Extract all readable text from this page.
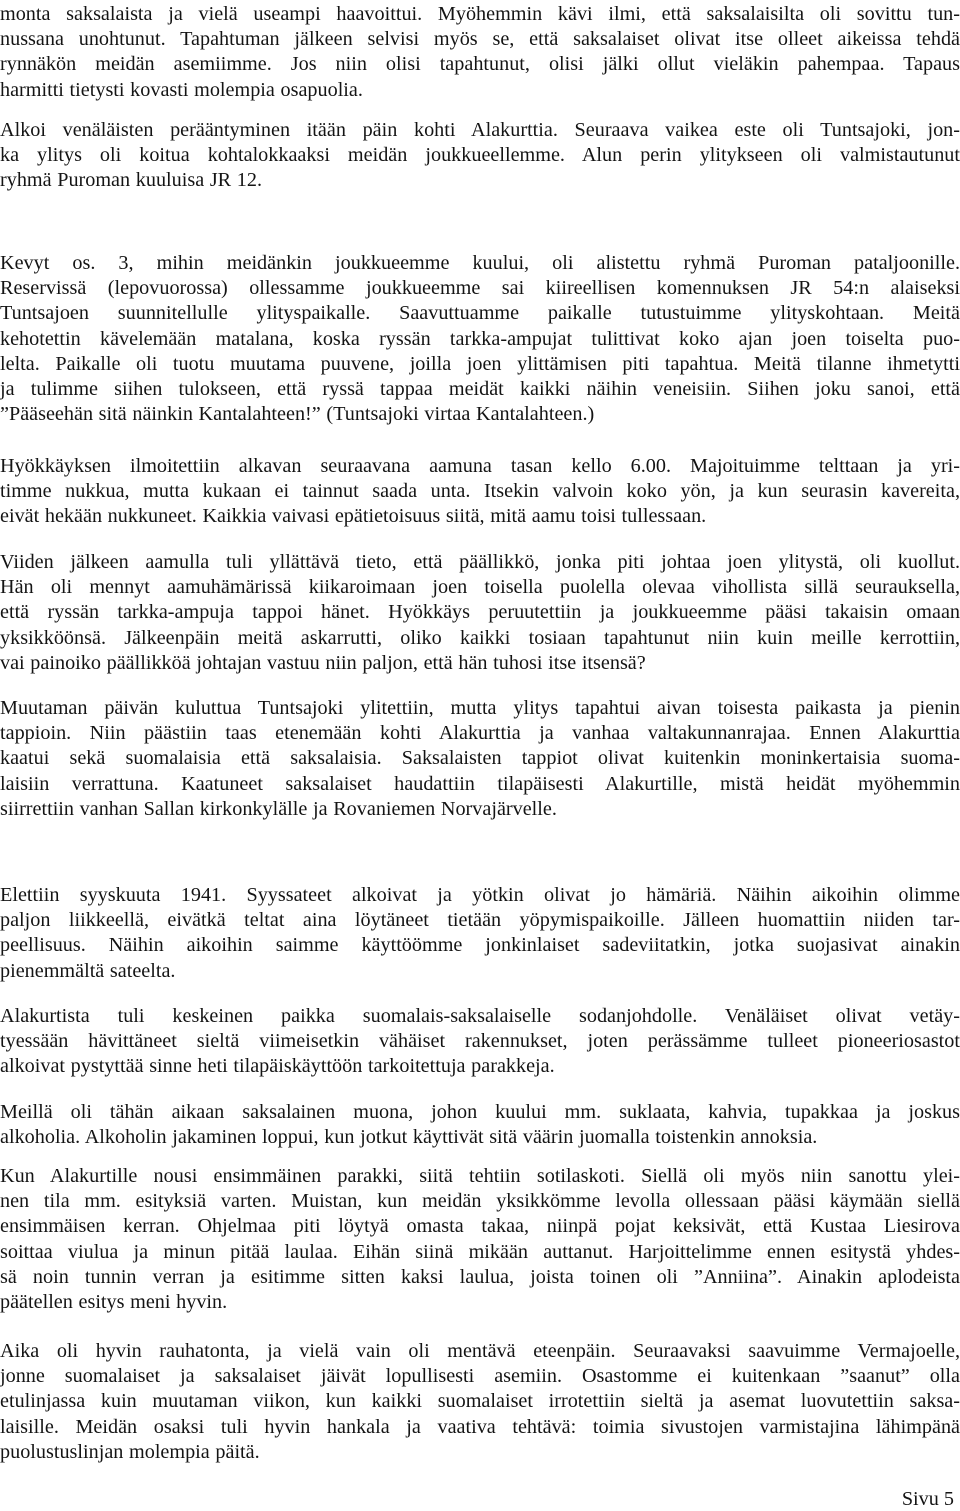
monta saksalaista ja vielä useampi haavoittui. Myöhemmin kävi ilmi, että saksalaisilta oli sovittu tun-
nussana unohtunut. Tapahtuman jälkeen selvisi myös se, että saksalaiset olivat itse olleet aikeissa tehdä
rynnäkön meidän asemiimme. Jos niin olisi tapahtunut, olisi jälki ollut vieläkin pahempaa. Tapaus
harmitti tietysti kovasti molempia osapuolia.

Alkoi venäläisten perääntyminen itään päin kohti Alakurttia. Seuraava vaikea este oli Tuntsajoki, jon-
ka ylitys oli koitua kohtalokkaaksi meidän joukkueellemme. Alun perin ylitykseen oli valmistautunut
ryhmä Puroman kuuluisa JR 12.

Kevyt os. 3, mihin meidänkin joukkueemme kuului, oli alistettu ryhmä Puroman pataljoonille.
Reservissä (lepovuorossa) ollessamme joukkueemme sai kiireellisen komennuksen JR 54:n alaiseksi
Tuntsajoen suunnitellulle ylityspaikalle. Saavuttuamme paikalle tutustuimme ylityskohtaan. Meitä
kehotettin kävelemään matalana, koska ryssän tarkka-ampujat tulittivat koko ajan joen toiselta puo-
lelta. Paikalle oli tuotu muutama puuvene, joilla joen ylittämisen piti tapahtua. Meitä tilanne ihmetytti
ja tulimme siihen tulokseen, että ryssä tappaa meidät kaikki näihin veneisiin. Siihen joku sanoi, että
”Pääseehän sitä näinkin Kantalahteen!” (Tuntsajoki virtaa Kantalahteen.)

Hyökkäyksen ilmoitettiin alkavan seuraavana aamuna tasan kello 6.00. Majoituimme telttaan ja yri-
timme nukkua, mutta kukaan ei tainnut saada unta. Itsekin valvoin koko yön, ja kun seurasin kavereita,
eivät hekään nukkuneet. Kaikkia vaivasi epätietoisuus siitä, mitä aamu toisi tullessaan.

Viiden jälkeen aamulla tuli yllättävä tieto, että päällikkö, jonka piti johtaa joen ylitystä, oli kuollut.
Hän oli mennyt aamuhämärissä kiikaroimaan joen toisella puolella olevaa vihollista sillä seurauksella,
että ryssän tarkka-ampuja tappoi hänet. Hyökkäys peruutettiin ja joukkueemme pääsi takaisin omaan
yksikköönsä. Jälkeenpäin meitä askarrutti, oliko kaikki tosiaan tapahtunut niin kuin meille kerrottiin,
vai painoiko päällikköä johtajan vastuu niin paljon, että hän tuhosi itse itsensä?

Muutaman päivän kuluttua Tuntsajoki ylitettiin, mutta ylitys tapahtui aivan toisesta paikasta ja pienin
tappioin. Niin päästiin taas etenemään kohti Alakurttia ja vanhaa valtakunnanrajaa. Ennen Alakurttia
kaatui sekä suomalaisia että saksalaisia. Saksalaisten tappiot olivat kuitenkin moninkertaisia suoma-
laisiin verrattuna. Kaatuneet saksalaiset haudattiin tilapäisesti Alakurtille, mistä heidät myöhemmin
siirrettiin vanhan Sallan kirkonkylälle ja Rovaniemen Norvajärvelle.

Elettiin syyskuuta 1941. Syyssateet alkoivat ja yötkin olivat jo hämäriä. Näihin aikoihin olimme
paljon liikkeellä, eivätkä teltat aina löytäneet tietään yöpymispaikoille. Jälleen huomattiin niiden tar-
peellisuus. Näihin aikoihin saimme käyttöömme jonkinlaiset sadeviitatkin, jotka suojasivat ainakin
pienemmältä sateelta.

Alakurtista tuli keskeinen paikka suomalais-saksalaiselle sodanjohdolle. Venäläiset olivat vetäy-
tyessään hävittäneet sieltä viimeisetkin vähäiset rakennukset, joten perässämme tulleet pioneeriosastot
alkoivat pystyttää sinne heti tilapäiskäyttöön tarkoitettuja parakkeja.

Meillä oli tähän aikaan saksalainen muona, johon kuului mm. suklaata, kahvia, tupakkaa ja joskus
alkoholia. Alkoholin jakaminen loppui, kun jotkut käyttivät sitä väärin juomalla toistenkin annoksia.

Kun Alakurtille nousi ensimmäinen parakki, siitä tehtiin sotilaskoti. Siellä oli myös niin sanottu ylei-
nen tila mm. esityksiä varten. Muistan, kun meidän yksikkömme levolla ollessaan pääsi käymään siellä
ensimmäisen kerran. Ohjelmaa piti löytyä omasta takaa, niinpä pojat keksivät, että Kustaa Liesirova
soittaa viulua ja minun pitää laulaa. Eihän siinä mikään auttanut. Harjoittelimme ennen esitystä yhdes-
sä noin tunnin verran ja esitimme sitten kaksi laulua, joista toinen oli ”Anniina”. Ainakin aplodeista
päätellen esitys meni hyvin.

Aika oli hyvin rauhatonta, ja vielä vain oli mentävä eteenpäin. Seuraavaksi saavuimme Vermajoelle,
jonne suomalaiset ja saksalaiset jäivät lopullisesti asemiin. Osastomme ei kuitenkaan ”saanut” olla
etulinjassa kuin muutaman viikon, kun kaikki suomalaiset irrotettiin sieltä ja asemat luovutettiin saksa-
laisille. Meidän osaksi tuli hyvin hankala ja vaativa tehtävä: toimia sivustojen varmistajina lähimpänä
puolustuslinjan molempia päitä.

Sivu 5
